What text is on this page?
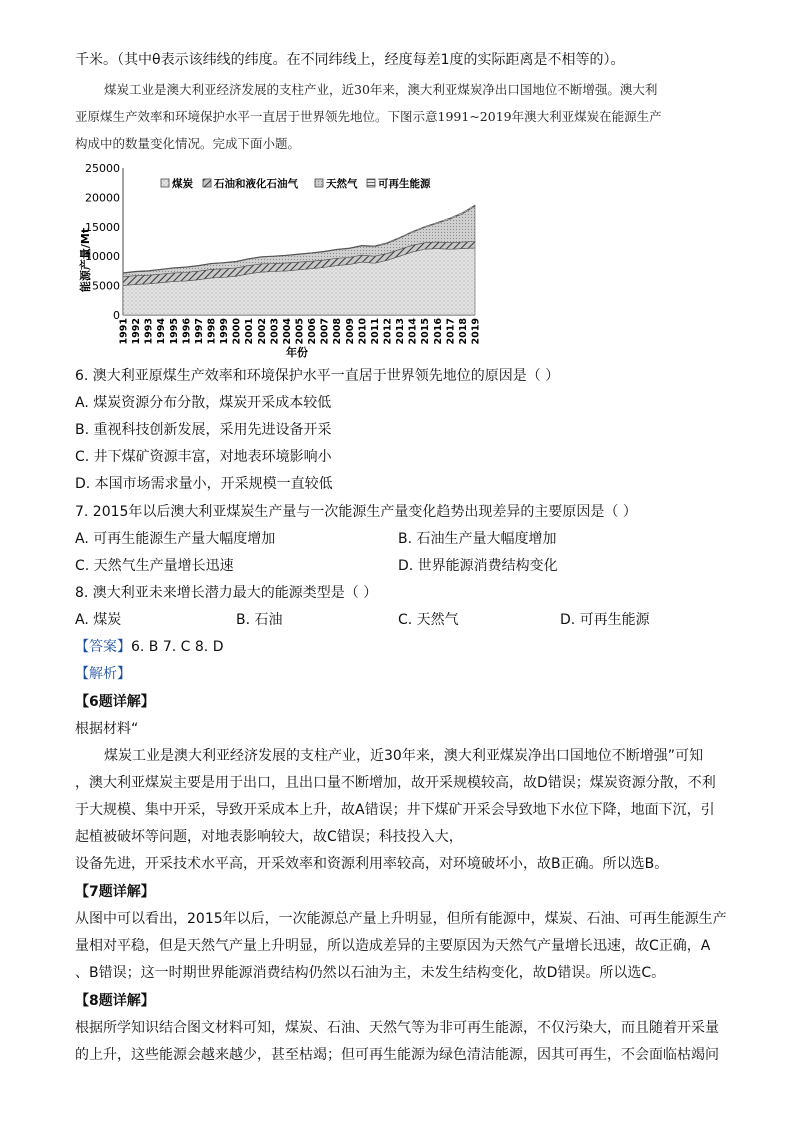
千米。（其中θ表示该纬线的纬度。在不同纬线上，经度每差1度的实际距离是不相等的）。
煤炭工业是澳大利亚经济发展的支柱产业，近30年来，澳大利亚煤炭净出口国地位不断增强。澳大利
亚原煤生产效率和环境保护水平一直居于世界领先地位。下图示意1991~2019年澳大利亚煤炭在能源生产
构成中的数量变化情况。完成下面小题。
0
5000
10000
15000
20000
25000
1991 1992 1993 1994 1995 1996 1997 1998 1999 2000 2001 2002 2003 2004 2005 2006 2007 2008 2009 2010 2011 2012 2013 2014 2015 2016 2017 2018 2019
煤炭 石油和液化石油气	天然气 可再生能源
能源产量/Mt
年份
6. 澳大利亚原煤生产效率和环境保护水平一直居于世界领先地位的原因是（ ）
A. 煤炭资源分布分散，煤炭开采成本较低
B. 重视科技创新发展，采用先进设备开采
C. 井下煤矿资源丰富，对地表环境影响小
D. 本国市场需求量小，开采规模一直较低
7. 2015年以后澳大利亚煤炭生产量与一次能源生产量变化趋势出现差异的主要原因是（ ）
A. 可再生能源生产量大幅度增加	B. 石油生产量大幅度增加
C. 天然气生产量增长迅速	D. 世界能源消费结构变化
8. 澳大利亚未来增长潜力最大的能源类型是（ ）
A. 煤炭	B. 石油	C. 天然气	D. 可再生能源
【答案】6. B 7. C 8. D
【解析】
【6题详解】
根据材料“
煤炭工业是澳大利亚经济发展的支柱产业，近30年来，澳大利亚煤炭净出口国地位不断增强”可知
，澳大利亚煤炭主要是用于出口，且出口量不断增加，故开采规模较高，故D错误；煤炭资源分散，不利
于大规模、集中开采，导致开采成本上升，故A错误；井下煤矿开采会导致地下水位下降，地面下沉，引
起植被破坏等问题，对地表影响较大，故C错误；科技投入大，
设备先进，开采技术水平高，开采效率和资源利用率较高，对环境破坏小，故B正确。所以选B。
【7题详解】
从图中可以看出，2015年以后，一次能源总产量上升明显，但所有能源中，煤炭、石油、可再生能源生产
量相对平稳，但是天然气产量上升明显，所以造成差异的主要原因为天然气产量增长迅速，故C正确，A
、B错误；这一时期世界能源消费结构仍然以石油为主，未发生结构变化，故D错误。所以选C。
【8题详解】
根据所学知识结合图文材料可知，煤炭、石油、天然气等为非可再生能源，不仅污染大，而且随着开采量
的上升，这些能源会越来越少，甚至枯竭；但可再生能源为绿色清洁能源，因其可再生，不会面临枯竭问
